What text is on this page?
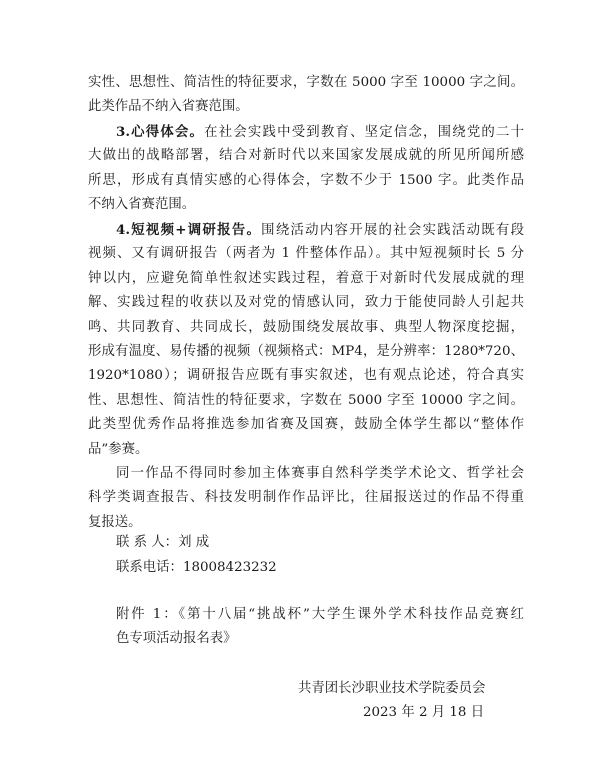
实性、思想性、简洁性的特征要求，字数在 5000 字至 10000 字之间。
此类作品不纳入省赛范围。
3.心得体会。在社会实践中受到教育、坚定信念，围绕党的二十
大做出的战略部署，结合对新时代以来国家发展成就的所见所闻所感
所思，形成有真情实感的心得体会，字数不少于 1500 字。此类作品
不纳入省赛范围。
4.短视频+调研报告。围绕活动内容开展的社会实践活动既有段
视频、又有调研报告（两者为 1 件整体作品）。其中短视频时长 5 分
钟以内，应避免简单性叙述实践过程，着意于对新时代发展成就的理
解、实践过程的收获以及对党的情感认同，致力于能使同龄人引起共
鸣、共同教育、共同成长，鼓励围绕发展故事、典型人物深度挖掘，
形成有温度、易传播的视频（视频格式：MP4，是分辨率：1280*720、
1920*1080）；调研报告应既有事实叙述，也有观点论述，符合真实
性、思想性、简洁性的特征要求，字数在 5000 字至 10000 字之间。
此类型优秀作品将推选参加省赛及国赛，鼓励全体学生都以“整体作
品”参赛。
同一作品不得同时参加主体赛事自然科学类学术论文、哲学社会
科学类调查报告、科技发明制作作品评比，往届报送过的作品不得重
复报送。
联 系 人：刘 成
联系电话：18008423232
附件 1：《第十八届“挑战杯”大学生课外学术科技作品竞赛红
色专项活动报名表》
共青团长沙职业技术学院委员会
2023 年 2 月 18 日
